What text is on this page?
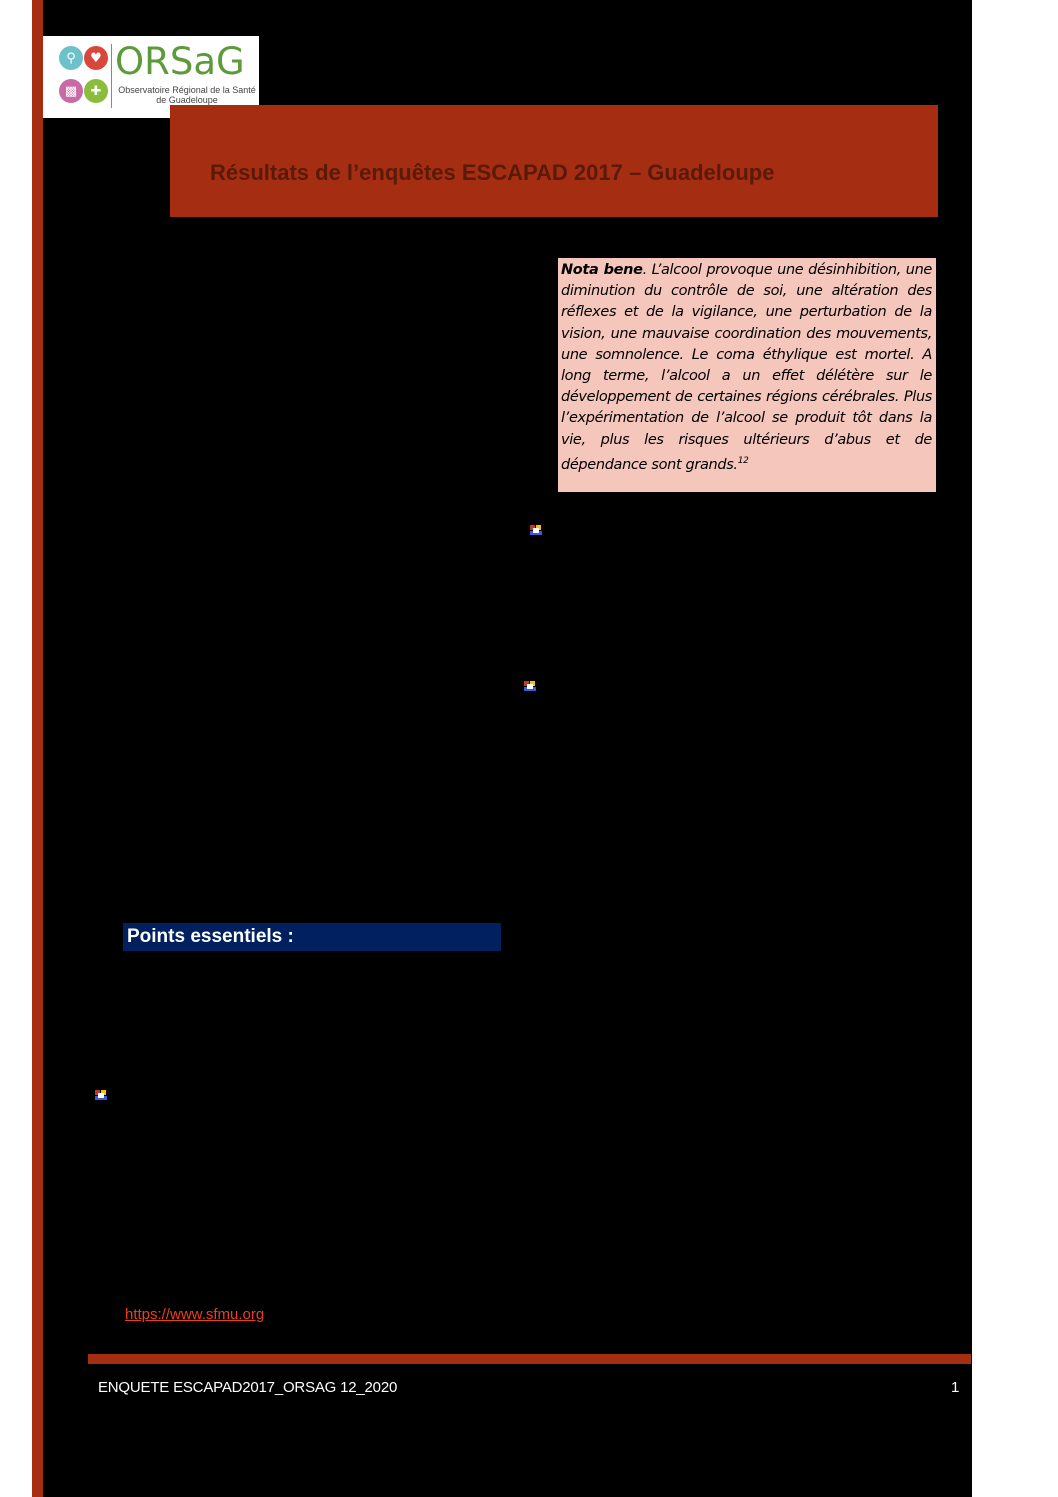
⚲	♥
▩	✚
ORSaG
Observatoire Régional de la Santé de Guadeloupe
Résultats de l’enquêtes ESCAPAD 2017 – Guadeloupe

Nota bene. L’alcool provoque une désinhibition, une diminution du contrôle de soi, une altération des réflexes et de la vigilance, une perturbation de la vision, une mauvaise coordination des mouvements, une somnolence. Le coma éthylique est mortel. A long terme, l’alcool a un effet délétère sur le développement de certaines régions cérébrales. Plus l’expérimentation de l’alcool se produit tôt dans la vie, plus les risques ultérieurs d’abus et de dépendance sont grands.$^{12}$

Points essentiels :
https://www.sfmu.org
ENQUETE ESCAPAD2017_ORSAG 12_2020	1
